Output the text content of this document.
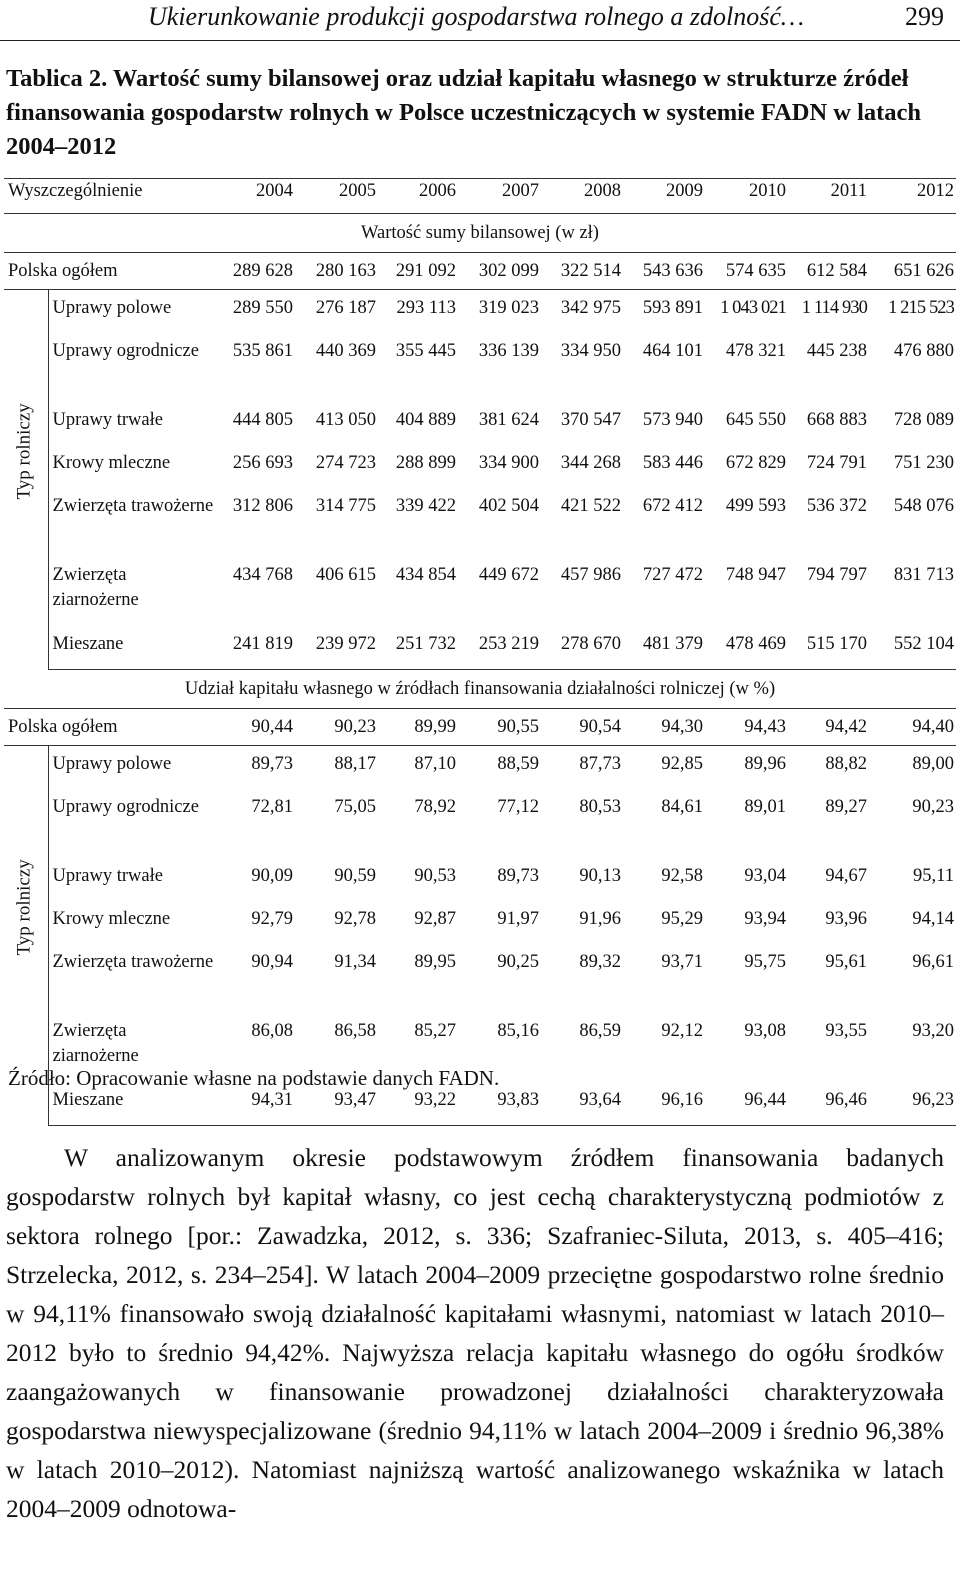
Ukierunkowanie produkcji gospodarstwa rolnego a zdolność…	299
Tablica 2. Wartość sumy bilansowej oraz udział kapitału własnego w strukturze źródeł finansowania gospodarstw rolnych w Polsce uczestniczących w systemie FADN w latach 2004–2012
Wyszczególnienie		2004	2005	2006	2007	2008	2009	2010	2011	2012
Wartość sumy bilansowej (w zł)										
Polska ogółem		289 628	280 163	291 092	302 099	322 514	543 636	574 635	612 584	651 626

Typ rolniczy	Uprawy polowe	289 550	276 187	293 113	319 023	342 975	593 891	1 043 021	1 114 930	1 215 523
	Uprawy ogrodnicze	535 861	440 369	355 445	336 139	334 950	464 101	478 321	445 238	476 880
	Uprawy trwałe	444 805	413 050	404 889	381 624	370 547	573 940	645 550	668 883	728 089
	Krowy mleczne	256 693	274 723	288 899	334 900	344 268	583 446	672 829	724 791	751 230
	Zwierzęta trawożerne	312 806	314 775	339 422	402 504	421 522	672 412	499 593	536 372	548 076
	Zwierzęta ziarnożerne	434 768	406 615	434 854	449 672	457 986	727 472	748 947	794 797	831 713
	Mieszane	241 819	239 972	251 732	253 219	278 670	481 379	478 469	515 170	552 104
Udział kapitału własnego w źródłach finansowania działalności rolniczej (w %)										
Polska ogółem		90,44	90,23	89,99	90,55	90,54	94,30	94,43	94,42	94,40

Typ rolniczy	Uprawy polowe	89,73	88,17	87,10	88,59	87,73	92,85	89,96	88,82	89,00
	Uprawy ogrodnicze	72,81	75,05	78,92	77,12	80,53	84,61	89,01	89,27	90,23
	Uprawy trwałe	90,09	90,59	90,53	89,73	90,13	92,58	93,04	94,67	95,11
	Krowy mleczne	92,79	92,78	92,87	91,97	91,96	95,29	93,94	93,96	94,14
	Zwierzęta trawożerne	90,94	91,34	89,95	90,25	89,32	93,71	95,75	95,61	96,61
	Zwierzęta ziarnożerne	86,08	86,58	85,27	85,16	86,59	92,12	93,08	93,55	93,20
	Mieszane	94,31	93,47	93,22	93,83	93,64	96,16	96,44	96,46	96,23
Źródło: Opracowanie własne na podstawie danych FADN.
W analizowanym okresie podstawowym źródłem finansowania badanych gospodarstw rolnych był kapitał własny, co jest cechą charakterystyczną podmiotów z sektora rolnego [por.: Zawadzka, 2012, s. 336; Szafraniec-Siluta, 2013, s. 405–416; Strzelecka, 2012, s. 234–254]. W latach 2004–2009 przeciętne gospodarstwo rolne średnio w 94,11% finansowało swoją działalność kapitałami własnymi, natomiast w latach 2010–2012 było to średnio 94,42%. Najwyższa relacja kapitału własnego do ogółu środków zaangażowanych w finansowanie prowadzonej działalności charakteryzowała gospodarstwa niewyspecjalizowane (średnio 94,11% w latach 2004–2009 i średnio 96,38% w latach 2010–2012). Natomiast najniższą wartość analizowanego wskaźnika w latach 2004–2009 odnotowa-
